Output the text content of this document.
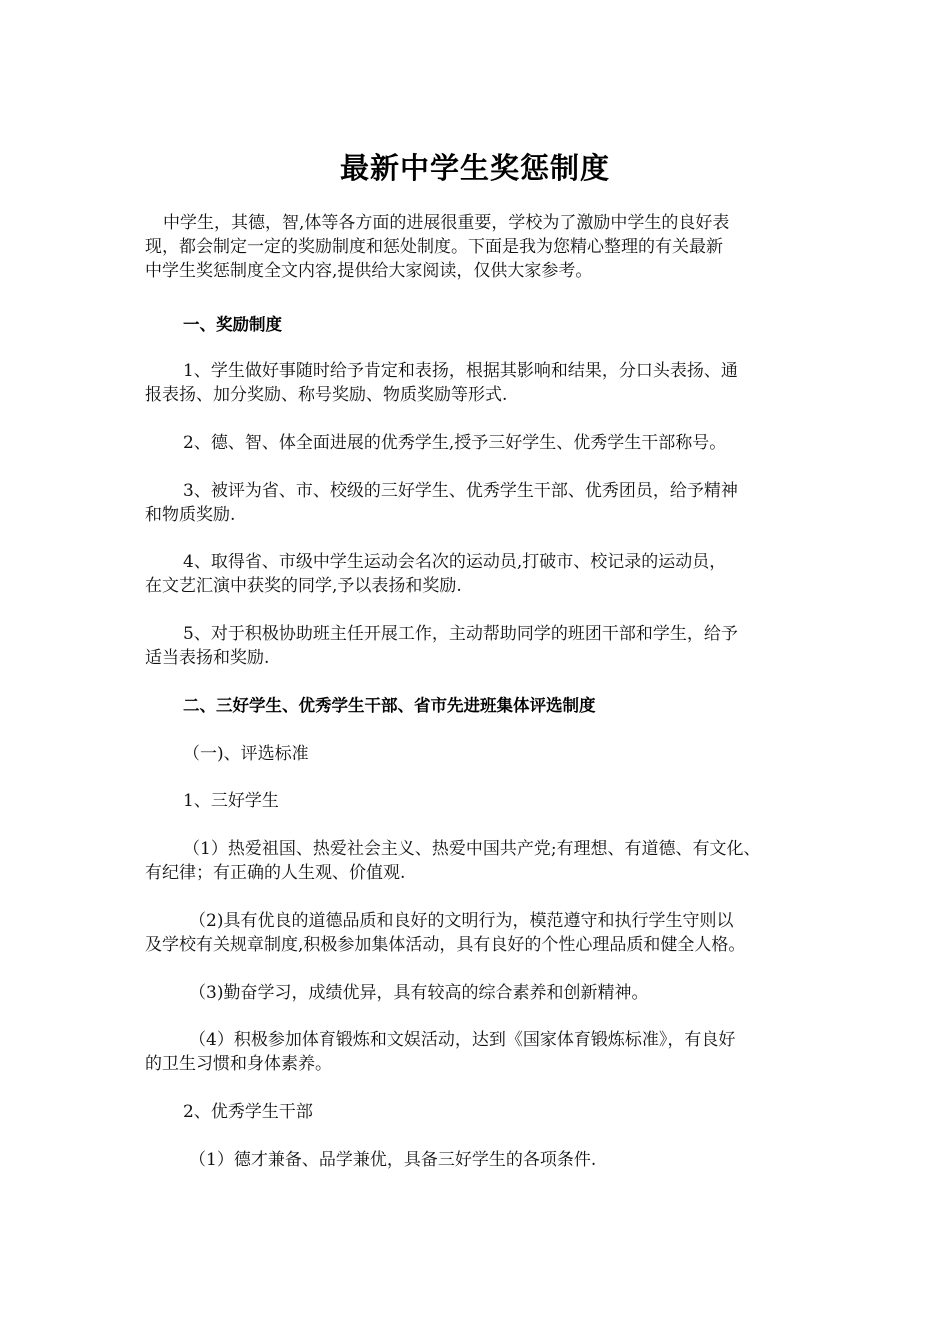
最新中学生奖惩制度
中学生，其德，智,体等各方面的进展很重要，学校为了激励中学生的良好表
现，都会制定一定的奖励制度和惩处制度。下面是我为您精心整理的有关最新
中学生奖惩制度全文内容,提供给大家阅读，仅供大家参考。
一、奖励制度
1、学生做好事随时给予肯定和表扬，根据其影响和结果，分口头表扬、通
报表扬、加分奖励、称号奖励、物质奖励等形式.
2、德、智、体全面进展的优秀学生,授予三好学生、优秀学生干部称号。
3、被评为省、市、校级的三好学生、优秀学生干部、优秀团员，给予精神
和物质奖励.
4、取得省、市级中学生运动会名次的运动员,打破市、校记录的运动员，
在文艺汇演中获奖的同学,予以表扬和奖励.
5、对于积极协助班主任开展工作，主动帮助同学的班团干部和学生，给予
适当表扬和奖励.
二、三好学生、优秀学生干部、省市先进班集体评选制度
（一)、评选标准
1、三好学生
（1）热爱祖国、热爱社会主义、热爱中国共产党;有理想、有道德、有文化、
有纪律；有正确的人生观、价值观.
（2)具有优良的道德品质和良好的文明行为，模范遵守和执行学生守则以
及学校有关规章制度,积极参加集体活动，具有良好的个性心理品质和健全人格。
（3)勤奋学习，成绩优异，具有较高的综合素养和创新精神。
（4）积极参加体育锻炼和文娱活动，达到《国家体育锻炼标准》，有良好
的卫生习惯和身体素养。
2、优秀学生干部
（1）德才兼备、品学兼优，具备三好学生的各项条件.
